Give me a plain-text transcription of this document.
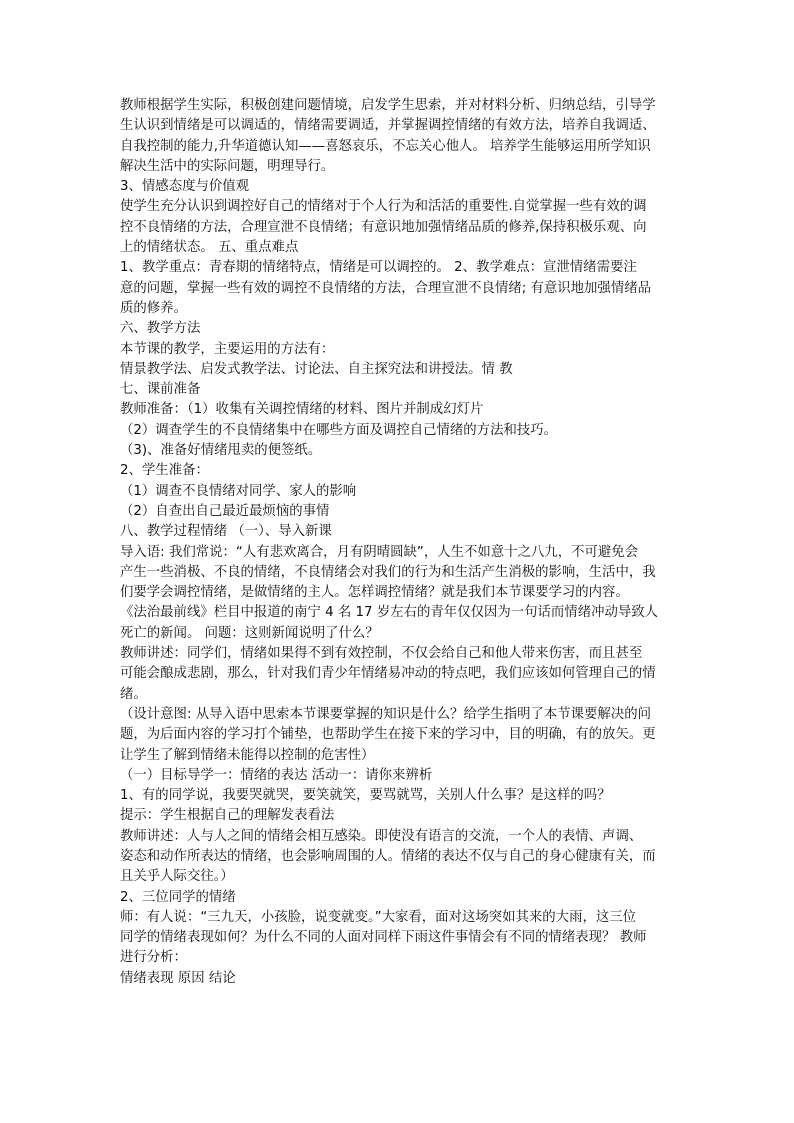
教师根据学生实际，积极创建问题情境，启发学生思索，并对材料分析、归纳总结，引导学
生认识到情绪是可以调适的，情绪需要调适，并掌握调控情绪的有效方法，培养自我调适、
自我控制的能力,升华道德认知——喜怒哀乐，不忘关心他人。 培养学生能够运用所学知识
解决生活中的实际问题，明理导行。
3、情感态度与价值观
使学生充分认识到调控好自己的情绪对于个人行为和活活的重要性.自觉掌握一些有效的调
控不良情绪的方法，合理宣泄不良情绪；有意识地加强情绪品质的修养,保持积极乐观、向
上的情绪状态。 五、重点难点
1、教学重点：青春期的情绪特点，情绪是可以调控的。 2、教学难点：宣泄情绪需要注
意的问题，掌握一些有效的调控不良情绪的方法，合理宣泄不良情绪; 有意识地加强情绪品
质的修养。
六、教学方法
本节课的教学，主要运用的方法有：
情景教学法、启发式教学法、讨论法、自主探究法和讲授法。情 教
七、课前准备
教师准备：（1）收集有关调控情绪的材料、图片并制成幻灯片
（2）调查学生的不良情绪集中在哪些方面及调控自己情绪的方法和技巧。
（3)、准备好情绪甩卖的便签纸。
2、学生准备：
（1）调查不良情绪对同学、家人的影响
（2）自查出自己最近最烦恼的事情
八、教学过程情绪 （一）、导入新课
导入语: 我们常说：“人有悲欢离合，月有阴晴圆缺”，人生不如意十之八九，不可避免会
产生一些消极、不良的情绪，不良情绪会对我们的行为和生活产生消极的影响，生活中，我
们要学会调控情绪，是做情绪的主人。怎样调控情绪？就是我们本节课要学习的内容。
《法治最前线》栏目中报道的南宁 4 名 17 岁左右的青年仅仅因为一句话而情绪冲动导致人
死亡的新闻。 问题：这则新闻说明了什么？
教师讲述：同学们，情绪如果得不到有效控制，不仅会给自己和他人带来伤害，而且甚至
可能会酿成悲剧，那么，针对我们青少年情绪易冲动的特点吧，我们应该如何管理自己的情
绪。
（设计意图: 从导入语中思索本节课要掌握的知识是什么？给学生指明了本节课要解决的问
题，为后面内容的学习打个铺垫，也帮助学生在接下来的学习中，目的明确，有的放矢。更
让学生了解到情绪未能得以控制的危害性）
（一）目标导学一：情绪的表达 活动一：请你来辨析
1、有的同学说，我要哭就哭，要笑就笑，要骂就骂，关别人什么事？是这样的吗？
提示：学生根据自己的理解发表看法
教师讲述：人与人之间的情绪会相互感染。即使没有语言的交流，一个人的表情、声调、
姿态和动作所表达的情绪，也会影响周围的人。情绪的表达不仅与自己的身心健康有关，而
且关乎人际交往。）
2、三位同学的情绪
师：有人说：“三九天，小孩脸，说变就变。”大家看，面对这场突如其来的大雨，这三位
同学的情绪表现如何？为什么不同的人面对同样下雨这件事情会有不同的情绪表现？ 教师
进行分析：
情绪表现 原因 结论
